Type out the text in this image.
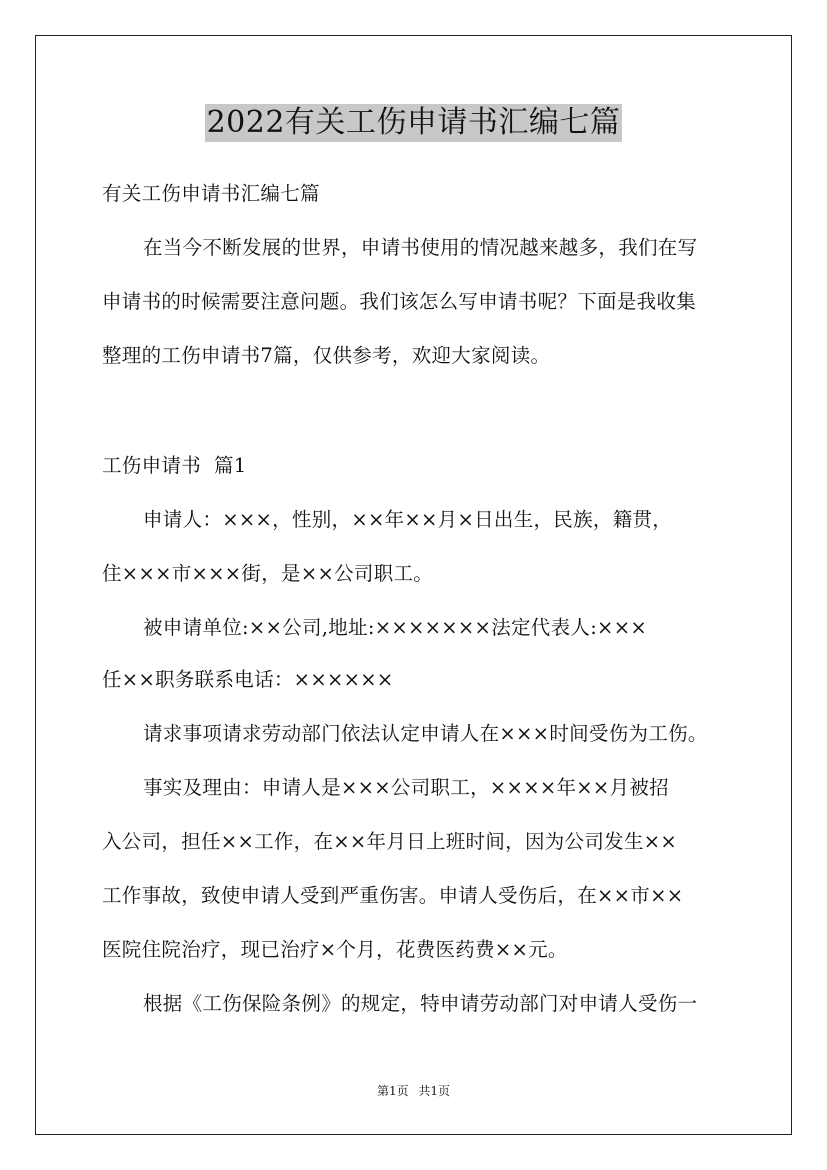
2022有关工伤申请书汇编七篇
有关工伤申请书汇编七篇
在当今不断发展的世界，申请书使用的情况越来越多，我们在写
申请书的时候需要注意问题。我们该怎么写申请书呢？下面是我收集
整理的工伤申请书7篇，仅供参考，欢迎大家阅读。
工伤申请书  篇1
申请人：×××，性别，××年××月×日出生，民族，籍贯，
住×××市×××街，是××公司职工。
被申请单位:××公司,地址:×××××××法定代表人:×××
任××职务联系电话：××××××
请求事项请求劳动部门依法认定申请人在×××时间受伤为工伤。
事实及理由：申请人是×××公司职工，××××年××月被招
入公司，担任××工作，在××年月日上班时间，因为公司发生××
工作事故，致使申请人受到严重伤害。申请人受伤后，在××市××
医院住院治疗，现已治疗×个月，花费医药费××元。
根据《工伤保险条例》的规定，特申请劳动部门对申请人受伤一
第1页 共1页
